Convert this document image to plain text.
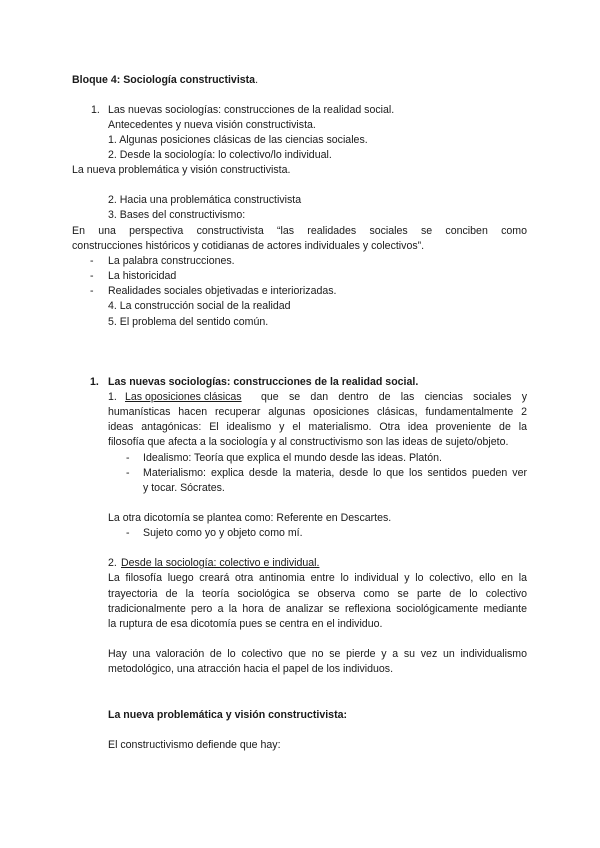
Bloque 4: Sociología constructivista.
1. Las nuevas sociologías: construcciones de la realidad social.
Antecedentes y nueva visión constructivista.
1. Algunas posiciones clásicas de las ciencias sociales.
2. Desde la sociología: lo colectivo/lo individual.
La nueva problemática y visión constructivista.
2. Hacia una problemática constructivista
3. Bases del constructivismo:
En una perspectiva constructivista “las realidades sociales se conciben como
construcciones históricos y cotidianas de actores individuales y colectivos”.
- La palabra construcciones.
- La historicidad
- Realidades sociales objetivadas e interiorizadas.
4. La construcción social de la realidad
5. El problema del sentido común.
1. Las nuevas sociologías: construcciones de la realidad social.
1. Las oposiciones clásicas que se dan dentro de las ciencias sociales y
humanísticas hacen recuperar algunas oposiciones clásicas, fundamentalmente 2
ideas antagónicas: El idealismo y el materialismo. Otra idea proveniente de la
filosofía que afecta a la sociología y al constructivismo son las ideas de sujeto/objeto.
- Idealismo: Teoría que explica el mundo desde las ideas. Platón.
- Materialismo: explica desde la materia, desde lo que los sentidos pueden ver
y tocar. Sócrates.
La otra dicotomía se plantea como: Referente en Descartes.
- Sujeto como yo y objeto como mí.
2. Desde la sociología: colectivo e individual.
La filosofía luego creará otra antinomia entre lo individual y lo colectivo, ello en la
trayectoria de la teoría sociológica se observa como se parte de lo colectivo
tradicionalmente pero a la hora de analizar se reflexiona sociológicamente mediante
la ruptura de esa dicotomía pues se centra en el individuo.
Hay una valoración de lo colectivo que no se pierde y a su vez un individualismo
metodológico, una atracción hacia el papel de los individuos.
La nueva problemática y visión constructivista:
El constructivismo defiende que hay:
